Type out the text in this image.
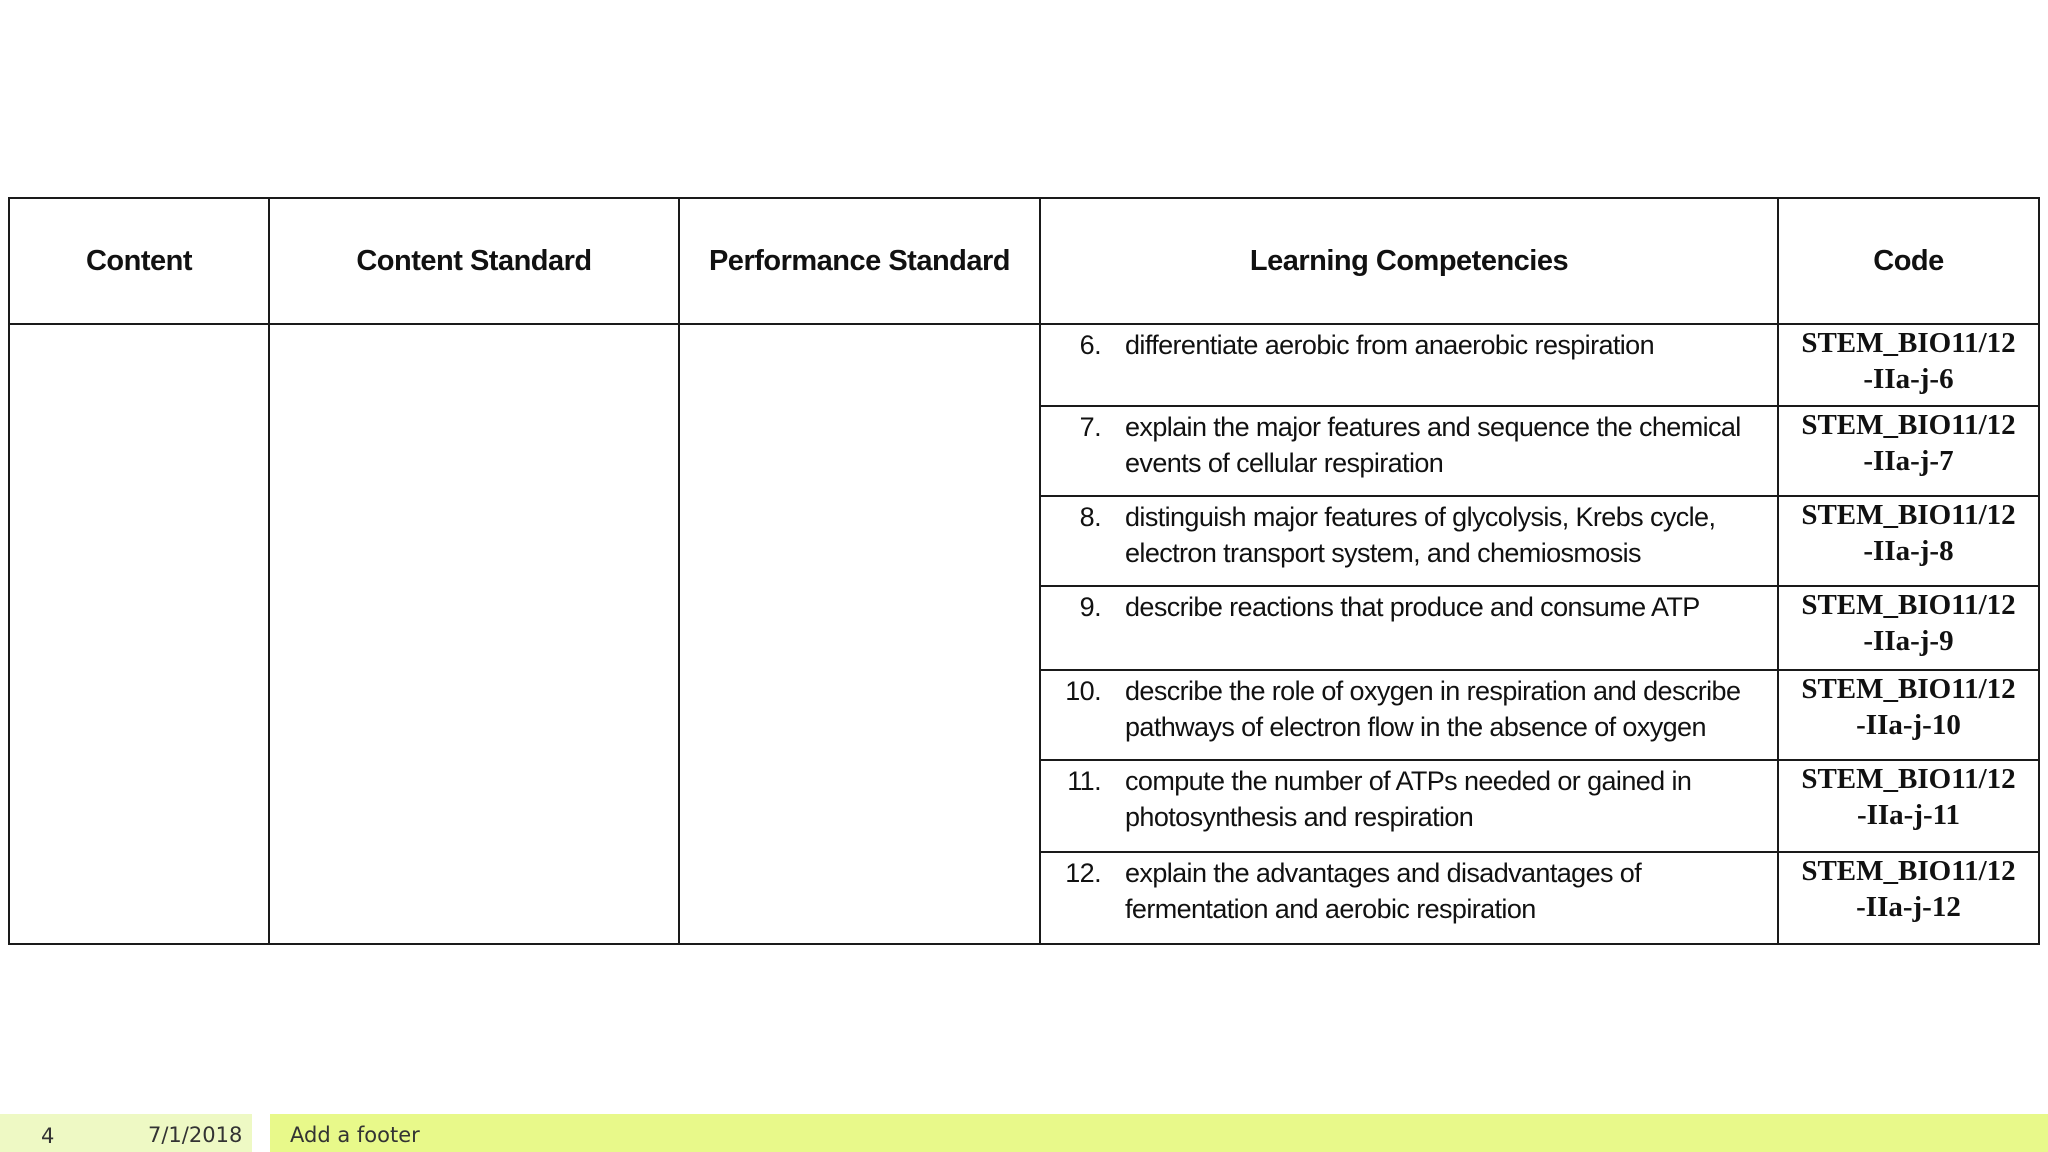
Content	Content Standard	Performance Standard	Learning Competencies	Code

			6. differentiate aerobic from anaerobic respiration	STEM_BIO11/12
-IIa-j-6

			7. explain the major features and sequence the chemical events of cellular respiration	STEM_BIO11/12
-IIa-j-7

			8. distinguish major features of glycolysis, Krebs cycle, electron transport system, and chemiosmosis	STEM_BIO11/12
-IIa-j-8

			9. describe reactions that produce and consume ATP	STEM_BIO11/12
-IIa-j-9

			10. describe the role of oxygen in respiration and describe pathways of electron flow in the absence of oxygen	STEM_BIO11/12
-IIa-j-10

			11. compute the number of ATPs needed or gained in photosynthesis and respiration	STEM_BIO11/12
-IIa-j-11

			12. explain the advantages and disadvantages of fermentation and aerobic respiration	STEM_BIO11/12
-IIa-j-12
4	7/1/2018 Add a footer
